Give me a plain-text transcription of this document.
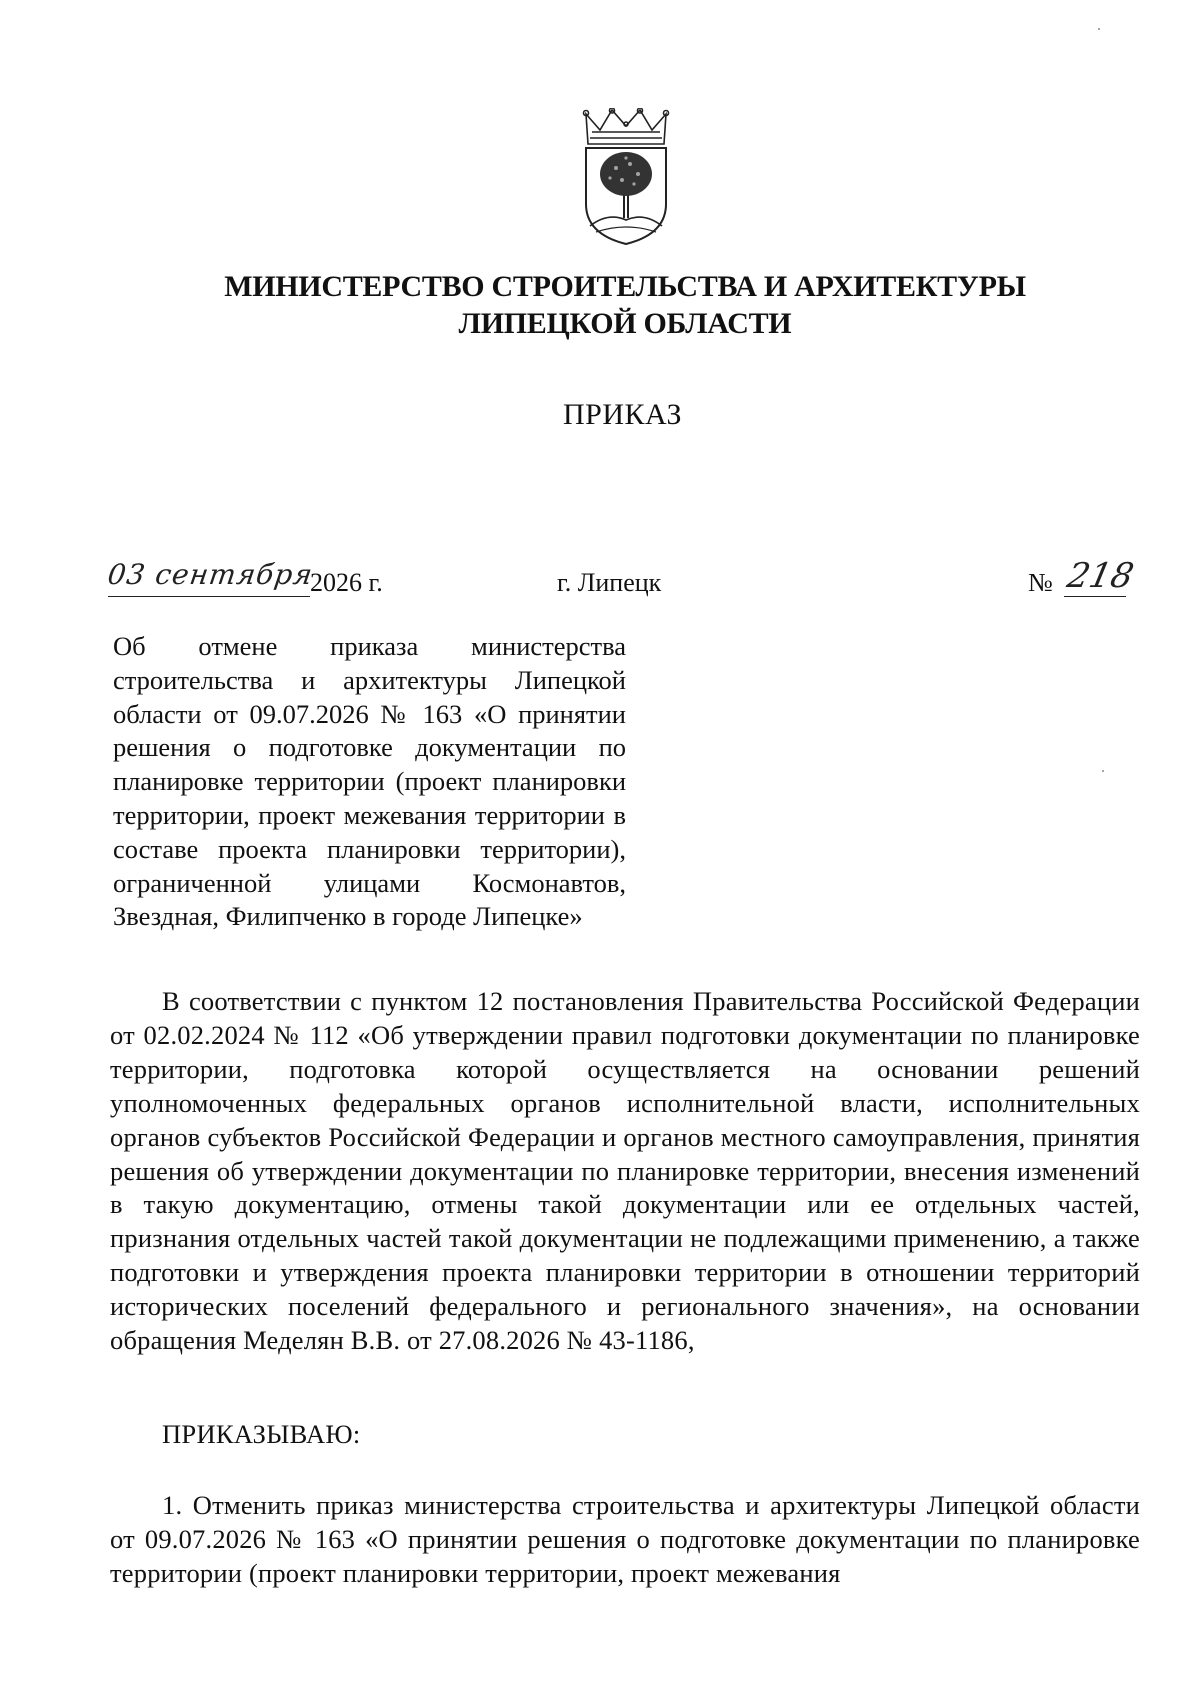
МИНИСТЕРСТВО СТРОИТЕЛЬСТВА И АРХИТЕКТУРЫ
ЛИПЕЦКОЙ ОБЛАСТИ
ПРИКАЗ
03 сентября
2026 г.	г. Липецк	№ 218
Об отмене приказа министерства строительства и архитектуры Липецкой области от 09.07.2026 № 163 «О принятии решения о подготовке документации по планировке территории (проект планировки территории, проект межевания территории в составе проекта планировки территории), ограниченной улицами Космонавтов, Звездная, Филипченко в городе Липецке»
В соответствии с пунктом 12 постановления Правительства Российской Федерации от 02.02.2024 № 112 «Об утверждении правил подготовки документации по планировке территории, подготовка которой осуществляется на основании решений уполномоченных федеральных органов исполнительной власти, исполнительных органов субъектов Российской Федерации и органов местного самоуправления, принятия решения об утверждении документации по планировке территории, внесения изменений в такую документацию, отмены такой документации или ее отдельных частей, признания отдельных частей такой документации не подлежащими применению, а также подготовки и утверждения проекта планировки территории в отношении территорий исторических поселений федерального и регионального значения», на основании обращения Меделян В.В. от 27.08.2026 № 43-1186,
ПРИКАЗЫВАЮ:
1. Отменить приказ министерства строительства и архитектуры Липецкой области от 09.07.2026 № 163 «О принятии решения о подготовке документации по планировке территории (проект планировки территории, проект межевания
